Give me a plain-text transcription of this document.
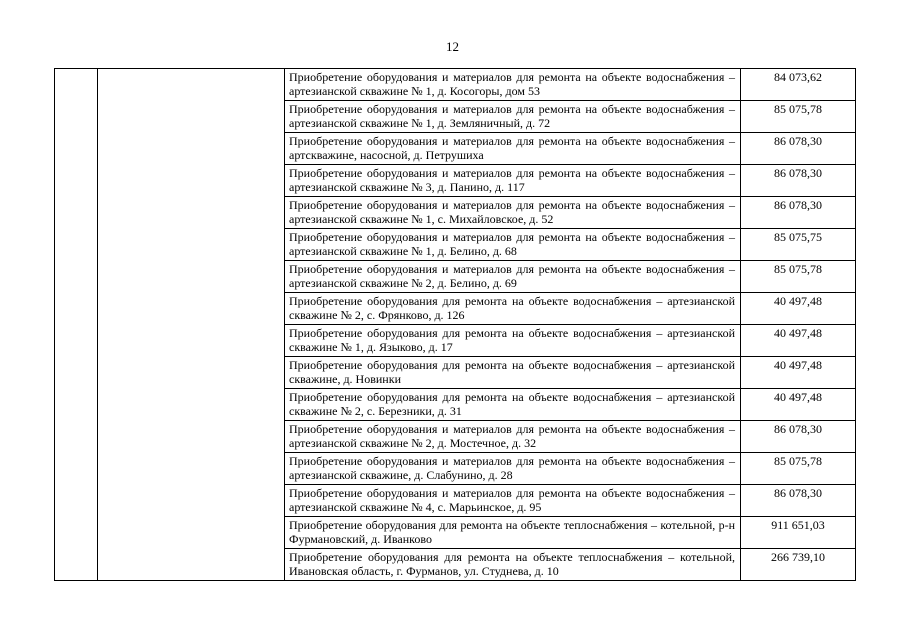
12

		Приобретение оборудования и материалов для ремонта на объекте водоснабжения – артезианской скважине № 1, д. Косогоры, дом 53	84 073,62

		Приобретение оборудования и материалов для ремонта на объекте водоснабжения – артезианской скважине № 1, д. Земляничный, д. 72	85 075,78

		Приобретение оборудования и материалов для ремонта на объекте водоснабжения – артскважине, насосной, д. Петрушиха	86 078,30

		Приобретение оборудования и материалов для ремонта на объекте водоснабжения – артезианской скважине № 3, д. Панино, д. 117	86 078,30

		Приобретение оборудования и материалов для ремонта на объекте водоснабжения – артезианской скважине № 1, с. Михайловское, д. 52	86 078,30

		Приобретение оборудования и материалов для ремонта на объекте водоснабжения – артезианской скважине № 1, д. Белино, д. 68	85 075,75

		Приобретение оборудования и материалов для ремонта на объекте водоснабжения – артезианской скважине № 2, д. Белино, д. 69	85 075,78

		Приобретение оборудования для ремонта на объекте водоснабжения – артезианской скважине № 2, с. Фрянково, д. 126	40 497,48

		Приобретение оборудования для ремонта на объекте водоснабжения – артезианской скважине № 1, д. Языково, д. 17	40 497,48

		Приобретение оборудования для ремонта на объекте водоснабжения – артезианской скважине, д. Новинки	40 497,48

		Приобретение оборудования для ремонта на объекте водоснабжения – артезианской скважине № 2, с. Березники, д. 31	40 497,48

		Приобретение оборудования и материалов для ремонта на объекте водоснабжения – артезианской скважине № 2, д. Мостечное, д. 32	86 078,30

		Приобретение оборудования и материалов для ремонта на объекте водоснабжения – артезианской скважине, д. Слабунино, д. 28	85 075,78

		Приобретение оборудования и материалов для ремонта на объекте водоснабжения – артезианской скважине № 4, с. Марьинское, д. 95	86 078,30

		Приобретение оборудования для ремонта на объекте теплоснабжения – котельной, р-н Фурмановский, д. Иванково	911 651,03

		Приобретение оборудования для ремонта на объекте теплоснабжения – котельной, Ивановская область, г. Фурманов, ул. Студнева, д. 10	266 739,10
